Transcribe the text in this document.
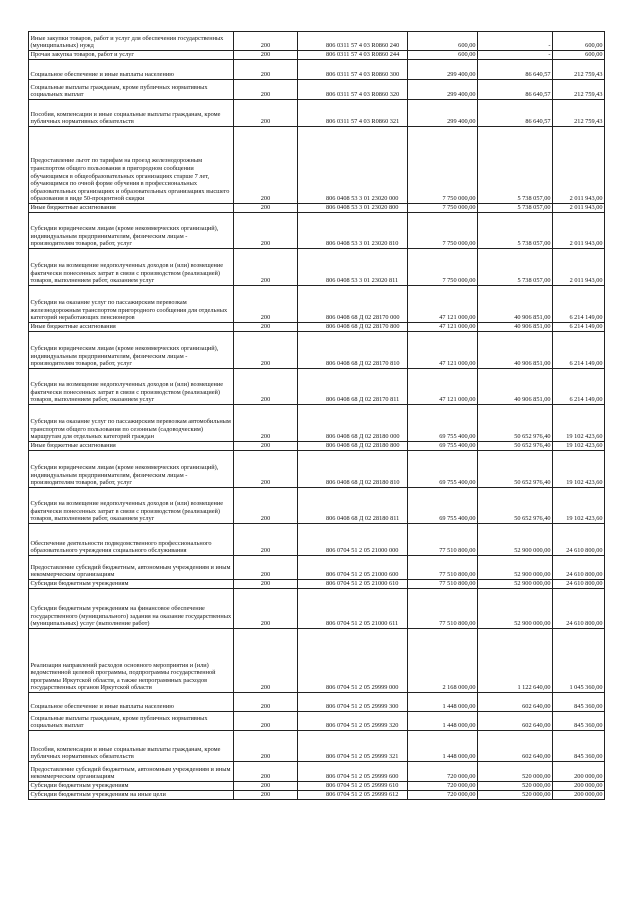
Иные закупки товаров, работ и услуг для обеспечения государственных (муниципальных) нужд	200	806 0311 57 4 03 R0860 240	600,00	-	600,00
Прочая закупка товаров, работ и услуг	200	806 0311 57 4 03 R0860 244	600,00	-	600,00
Социальное обеспечение и иные выплаты населению	200	806 0311 57 4 03 R0860 300	299 400,00	86 640,57	212 759,43
Социальные выплаты гражданам, кроме публичных нормативных социальных выплат	200	806 0311 57 4 03 R0860 320	299 400,00	86 640,57	212 759,43
Пособия, компенсации и иные социальные выплаты гражданам, кроме публичных нормативных обязательств	200	806 0311 57 4 03 R0860 321	299 400,00	86 640,57	212 759,43
Предоставление льгот по тарифам на проезд железнодорожным транспортом общего пользования в пригородном сообщении обучающимся в общеобразовательных организациях старше 7 лет, обучающимся по очной форме обучения в профессиональных образовательных организациях и образовательных организациях высшего образования в виде 50-процентной скидки	200	806 0408 53 3 01 23020 000	7 750 000,00	5 738 057,00	2 011 943,00
Иные бюджетные ассигнования	200	806 0408 53 3 01 23020 800	7 750 000,00	5 738 057,00	2 011 943,00
Субсидии юридическим лицам (кроме некоммерческих организаций), индивидуальным предпринимателям, физическим лицам - производителям товаров, работ, услуг	200	806 0408 53 3 01 23020 810	7 750 000,00	5 738 057,00	2 011 943,00
Субсидии на возмещение недополученных доходов и (или) возмещение фактически понесенных затрат в связи с производством (реализацией) товаров, выполнением работ, оказанием услуг	200	806 0408 53 3 01 23020 811	7 750 000,00	5 738 057,00	2 011 943,00
Субсидии на оказание услуг по пассажирским перевозкам железнодорожным транспортом пригородного сообщения для отдельных категорий неработающих пенсионеров	200	806 0408 68 Д 02 28170 000	47 121 000,00	40 906 851,00	6 214 149,00
Иные бюджетные ассигнования	200	806 0408 68 Д 02 28170 800	47 121 000,00	40 906 851,00	6 214 149,00
Субсидии юридическим лицам (кроме некоммерческих организаций), индивидуальным предпринимателям, физическим лицам - производителям товаров, работ, услуг	200	806 0408 68 Д 02 28170 810	47 121 000,00	40 906 851,00	6 214 149,00
Субсидии на возмещение недополученных доходов и (или) возмещение фактически понесенных затрат в связи с производством (реализацией) товаров, выполнением работ, оказанием услуг	200	806 0408 68 Д 02 28170 811	47 121 000,00	40 906 851,00	6 214 149,00
Субсидии на оказание услуг по пассажирским перевозкам автомобильным транспортом общего пользования по сезонным (садоводческим) маршрутам для отдельных категорий граждан	200	806 0408 68 Д 02 28180 000	69 755 400,00	50 652 976,40	19 102 423,60
Иные бюджетные ассигнования	200	806 0408 68 Д 02 28180 800	69 755 400,00	50 652 976,40	19 102 423,60
Субсидии юридическим лицам (кроме некоммерческих организаций), индивидуальным предпринимателям, физическим лицам - производителям товаров, работ, услуг	200	806 0408 68 Д 02 28180 810	69 755 400,00	50 652 976,40	19 102 423,60
Субсидии на возмещение недополученных доходов и (или) возмещение фактически понесенных затрат в связи с производством (реализацией) товаров, выполнением работ, оказанием услуг	200	806 0408 68 Д 02 28180 811	69 755 400,00	50 652 976,40	19 102 423,60
Обеспечение деятельности подведомственного профессионального образовательного учреждения социального обслуживания	200	806 0704 51 2 05 21000 000	77 510 800,00	52 900 000,00	24 610 800,00
Предоставление субсидий бюджетным, автономным учреждениям и иным некоммерческим организациям	200	806 0704 51 2 05 21000 600	77 510 800,00	52 900 000,00	24 610 800,00
Субсидии бюджетным учреждениям	200	806 0704 51 2 05 21000 610	77 510 800,00	52 900 000,00	24 610 800,00
Субсидии бюджетным учреждениям на финансовое обеспечение государственного (муниципального) задания на оказание государственных (муниципальных) услуг (выполнение работ)	200	806 0704 51 2 05 21000 611	77 510 800,00	52 900 000,00	24 610 800,00
Реализация направлений расходов основного мероприятия и (или) ведомственной целевой программы, подпрограммы государственной программы Иркутской области, а также непрограммных расходов государственных органов Иркутской области	200	806 0704 51 2 05 29999 000	2 168 000,00	1 122 640,00	1 045 360,00
Социальное обеспечение и иные выплаты населению	200	806 0704 51 2 05 29999 300	1 448 000,00	602 640,00	845 360,00
Социальные выплаты гражданам, кроме публичных нормативных социальных выплат	200	806 0704 51 2 05 29999 320	1 448 000,00	602 640,00	845 360,00
Пособия, компенсации и иные социальные выплаты гражданам, кроме публичных нормативных обязательств	200	806 0704 51 2 05 29999 321	1 448 000,00	602 640,00	845 360,00
Предоставление субсидий бюджетным, автономным учреждениям и иным некоммерческим организациям	200	806 0704 51 2 05 29999 600	720 000,00	520 000,00	200 000,00
Субсидии бюджетным учреждениям	200	806 0704 51 2 05 29999 610	720 000,00	520 000,00	200 000,00
Субсидии бюджетным учреждениям на иные цели	200	806 0704 51 2 05 29999 612	720 000,00	520 000,00	200 000,00
